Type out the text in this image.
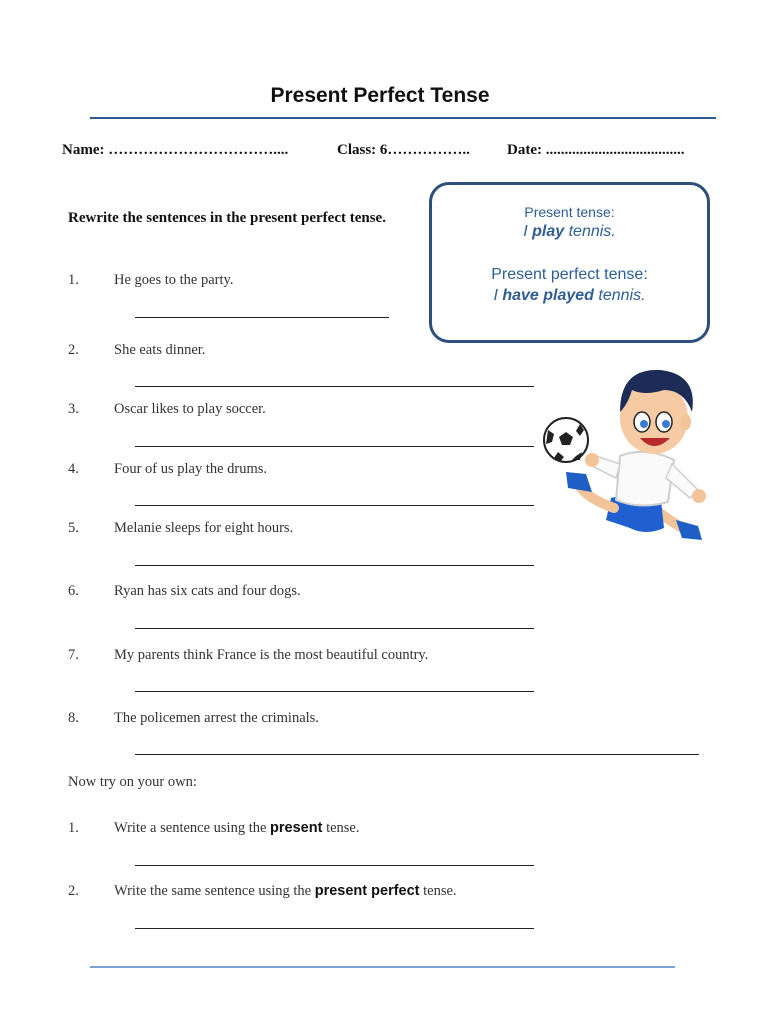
Present Perfect Tense
Name: ……………………………....	Class: 6…………….. Date: .....................................
Rewrite the sentences in the present perfect tense.
1. He goes to the party.
2. She eats dinner.
3. Oscar likes to play soccer.
4. Four of us play the drums.
5. Melanie sleeps for eight hours.
6. Ryan has six cats and four dogs.
7. My parents think France is the most beautiful country.
8. The policemen arrest the criminals.
Now try on your own:
1. Write a sentence using the present tense.
2. Write the same sentence using the present perfect tense.
Present tense:
I play tennis.
Present perfect tense:
I have played tennis.
